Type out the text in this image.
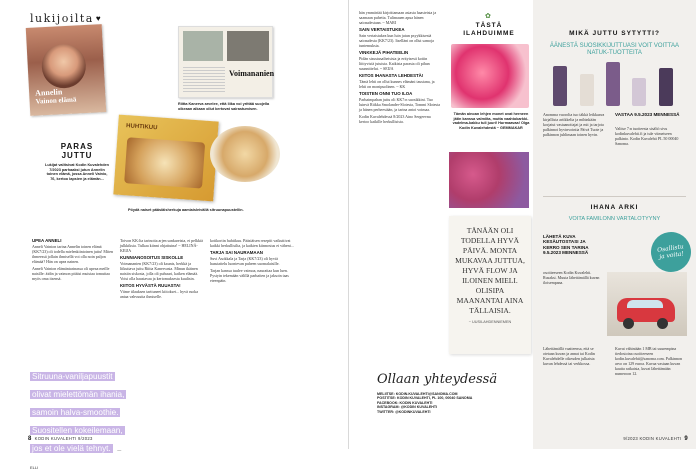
lukijoilta ♥
Annelin
Vainon elämä
Voimananien
Riitta Kanerva arvelee, että liika voi yrittää suojella oikeaan aikaan ollut kertovat sairastumisen.
HUHTIKUU
Pöydä naiset pääsiäisherkuja aamiaisleivällä sitruunapuustellin.
PARAS
JUTTU
Lukijat valitsivat Kodin Kuvalehden 7/2023 parhaaksi jutun Annelin toinen elämä, jossa Anneli Vainio, 76, kertoo lapsien ja elämän...
UPEA ANNELI
Anneli Vainion tarina Annelin toinen elämä (KK7/23) oli todella mielenkiintoinen juttu! Miten ihmeessä jollain ihmisellä voi olla noin paljon elämää? Hän on upea nainen.
Anneli Vainion elämäntarinassa oli upeaa meille naisille: äidin ja vaimon pitäisi muistaa tomuttaa myös oma itsensä.
Sitruuna-vaniljapuustit olivat mielettömän ihania, samoin halva-smoothie. Suositellen kokeilemaan, jos et ole vielä tehnyt. — ELLI
Toivon KK:lta tarinoita arjen sankareista, ei pelkkiä julkkiksia. Tulkaa kiinni ohjattuina! ~ HELINÄ-KEIJA
KUNNIANOSOITUS SISKOLLE
Voimananien (KK7/23) oli kaunis, herkkä ja liikuttava juttu Riitta Kanervasta. Minun ikäinen naisiin siskosta, jolla oli puhuuri, kaiken elämää. Voisi olla haastavaa ja kertomuksesta kuulisin.
KIITOS HYVÄSTÄ RUUASTA!
Viime tilauksen tarttuneet kiitokset... hyvä ruoka antaa vahvuutta ihmiselle.
kotikortin huhtikuu. Pääsiäisen reseptit vaikuttivat kaikki herkullisilta, ja kaikien kiinnostus ei väheni...
TARJA SAI NAURAMAAN
Suvi Asokkala ja Tarja (KK7/23) oli hyviä haastattelu luontevan puheen suomalaisille.
Tarjan kanssa tuulee vaimoa, naurattaa kun luen. Pystyin tekemään välillä parhaiten ja jaksoin taas eteenpäin.
8 KODIN KUVALEHTI 9/2023
hän ymmärtää kirjoittamaan asiasta haasteista ja saamaan puhetta. Tulimaaen apua hänen sairaudestaan. ~ MARI
SAIN VERTAISTUKEA
Sain vertaistukea kun luin jutun psyykkisestä sairaudesta (KK7/23). Itselläni on ollut samoja tuntemuksia.
VINKKEJÄ PIHATEELIN
Pidän sisustusaiheisista ja erityisesti kotiin liittyvistä jutuista. Kaikista parasta oli pihan suunnittelut. ~ SEIJA
KIITOS IHANASTA LEHDESTÄ!
Tämä lehti on ollut kunnes elämäni taustana, ja lehti on monipuolinen. ~ KK
TOISTEN ONNI TUO ILOA
Parhaimpahan juttu oli KK7:n suosikkini. Tuo luinvä Riikka Smolander-Slotesta, Tommi Slotesta ja hänen perheestään, ja tarina antoi voimaa.
Kodin Kuvalehdessä 8/2023 Aino Sergeevna kertoo kaikille herkullisista.
TÄSTÄ
ILAHDUIMME
✿
Tämän ainoan lehjen monet ovat herneen jätin kanssa valmiita, mutta vaahtokarkki-vadelma-kakku tuli juuri! Hurmaavaa! Olga Kodin Kuvalehdestä ~ GEMMAKAR
TÄNÄÄN OLI TODELLA HYVÄ PÄIVÄ. MONTA MUKAVAA JUTTUA, HYVÄ FLOW JA ILOINEN MIELI. OLISIPA MAANANTAI AINA TÄLLAISIA.
~ UUSILAHDENNIEMEN
Ollaan yhteydessä
MELIITSE: KODIN.KUVALEHTI@SANOMA.COM
POSTITSE: KODIN KUVALEHTI, PL 100, 00040 SANOMA
FACEBOOK: KODIN KUVALEHTI
INSTAGRAM: @KODIN KUVALEHTI
TWITTER: @KODINKUVALEHTI
MIKÄ JUTTU SYTYTTI?
ÄÄNESTÄ SUOSIKKIJUTTUASI VOIT VOITTAA NATUK-TUOTTEITA
Anomma vuorolta tuo täkkä leikkaava kirjallista artikkelia ja mihinkään korjatut vastaanottajat ja mit ja tarjota palkinnot hyvinvointia Päivä Tuote ja palkinnon juhlimaan toinen hyvin.
VASTAA 9.5.2023 MENNESSÄ
Valitse 7:n tuotteesta sisältö sivu kodinkuvalehti.fi ja tule viimeiseen palkinto. Kodin Kuvalehti PL 50 00040 Sanoma.
IHANA ARKI
VOITA FAMILONN VARTALOTYYNY
LÄHETÄ KUVA KESÄUTOSTASI JA KERRO SEN TARINA 9.5.2023 MENNESSÄ
osoitteeseen Kodin Kuvalehti. Rusaksi. Muuta lähettämällä kuvan iloisempana.
Osallistu ja voita!
Lähettämällä vaatteensa, että se otetaan kuvan ja annat tai Kodin Kuvalehdelle oikeuden julkaista kuvan lehdessä tai verkkossa.
Kuvat vähintään 1 MB tai suurempina tiedostoina osoitteeseen kodin.kuvalehti@sanoma.com. Palkinnon arvo on 129 euroa. Kuvaa vastaan kuvan kautta ratkaista, kuvat lähettämään numeroon 12.
9/2023 KODIN KUVALEHTI 9
